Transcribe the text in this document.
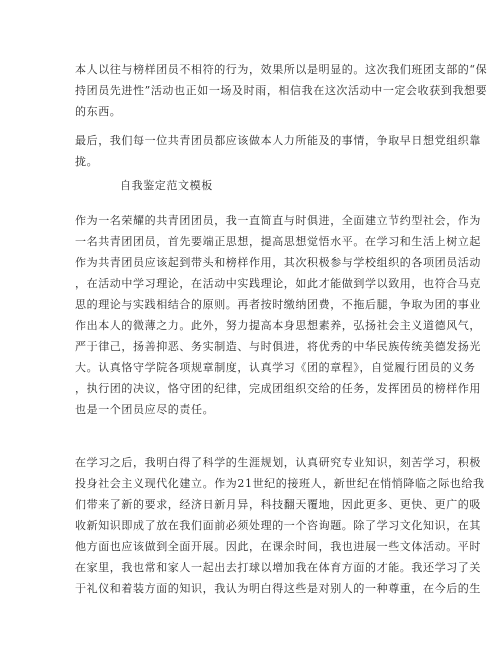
本人以往与榜样团员不相符的行为，效果所以是明显的。这次我们班团支部的“保
持团员先进性”活动也正如一场及时雨，相信我在这次活动中一定会收获到我想要
的东西。
最后，我们每一位共青团员都应该做本人力所能及的事情，争取早日想党组织靠
拢。
自我鉴定范文模板
作为一名荣耀的共青团团员，我一直简直与时俱进，全面建立节约型社会，作为
一名共青团团员，首先要端正思想，提高思想觉悟水平。在学习和生活上树立起
作为共青团员应该起到带头和榜样作用，其次积极参与学校组织的各项团员活动
，在活动中学习理论，在活动中实践理论，如此才能做到学以致用，也符合马克
思的理论与实践相结合的原则。再者按时缴纳团费，不拖后腿，争取为团的事业
作出本人的微薄之力。此外，努力提高本身思想素养，弘扬社会主义道德风气，
严于律己，扬善抑恶、务实制造、与时俱进，将优秀的中华民族传统美德发扬光
大。认真恪守学院各项规章制度，认真学习《团的章程》，自觉履行团员的义务
，执行团的决议，恪守团的纪律，完成团组织交给的任务，发挥团员的榜样作用
也是一个团员应尽的责任。
在学习之后，我明白得了科学的生涯规划，认真研究专业知识，刻苦学习，积极
投身社会主义现代化建立。作为21世纪的接班人，新世纪在悄悄降临之际也给我
们带来了新的要求，经济日新月异，科技翻天覆地，因此更多、更快、更广的吸
收新知识即成了放在我们面前必须处理的一个咨询题。除了学习文化知识，在其
他方面也应该做到全面开展。因此，在课余时间，我也进展一些文体活动。平时
在家里，我也常和家人一起出去打球以增加我在体育方面的才能。我还学习了关
于礼仪和着装方面的知识，我认为明白得这些是对别人的一种尊重，在今后的生
